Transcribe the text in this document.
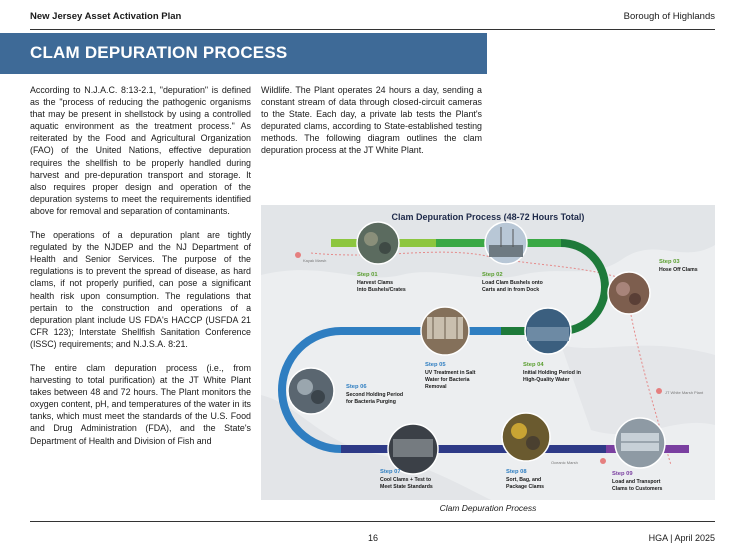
New Jersey Asset Activation Plan	Borough of Highlands
CLAM DEPURATION PROCESS

According to N.J.A.C. 8:13-2.1, "depuration" is defined as the "process of reducing the pathogenic organisms that may be present in shellstock by using a controlled aquatic environment as the treatment process." As reiterated by the Food and Agricultural Organization (FAO) of the United Nations, effective depuration requires the shellfish to be properly handled during harvest and pre-depuration transport and storage. It also requires proper design and operation of the depuration systems to meet the requirements identified above for removal and separation of contaminants.

The operations of a depuration plant are tightly regulated by the NJDEP and the NJ Department of Health and Senior Services. The purpose of the regulations is to prevent the spread of disease, as hard clams, if not properly purified, can pose a significant health risk upon consumption. The regulations that pertain to the construction and operations of a depuration plant include US FDA's HACCP (USFDA 21 CFR 123); Interstate Shellfish Sanitation Conference (ISSC) requirements; and N.J.S.A. 8:21.

The entire clam depuration process (i.e., from harvesting to total purification) at the JT White Plant takes between 48 and 72 hours. The Plant monitors the oxygen content, pH, and temperatures of the water in its tanks, which must meet the standards of the U.S. Food and Drug Administration (FDA), and the State's Department of Health and Division of Fish and

Wildlife. The Plant operates 24 hours a day, sending a constant stream of data through closed-circuit cameras to the State. Each day, a private lab tests the Plant's depurated clams, according to State-established testing methods. The following diagram outlines the clam depuration process at the JT White Plant.

Kayak Marsh
JT White Marsh Plant
Oceanic Marsh
Clam Depuration Process (48-72 Hours Total)
Step 01
Harvest Clams
Into Bushels/Crates
Step 02
Load Clam Bushels onto
Carts and in from Dock
Step 03
Hose Off Clams
Step 04
Initial Holding Period in
High-Quality Water
Step 05
UV Treatment in Salt
Water for Bacteria
Removal
Step 06
Second Holding Period
for Bacteria Purging
Step 07
Cool Clams + Test to
Meet State Standards
Step 08
Sort, Bag, and
Package Clams
Step 09
Load and Transport
Clams to Customers
Clam Depuration Process
16	HGA | April 2025
